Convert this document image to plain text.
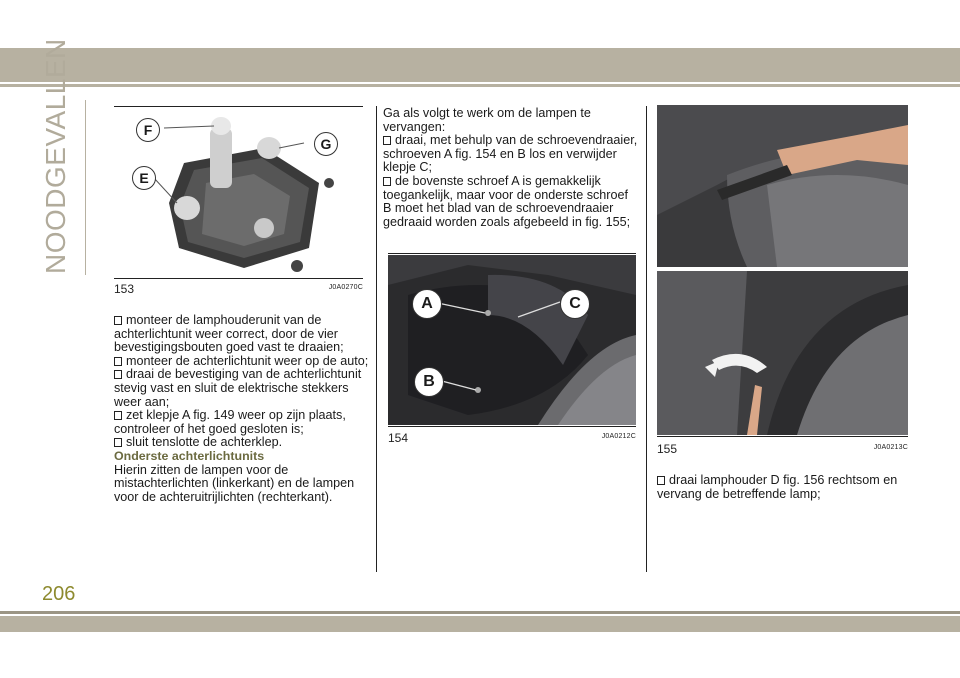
NOODGEVALLEN	F
G
E
153	J0A0270C

monteer de lamphouderunit van de achterlichtunit weer correct, door de vier bevestigingsbouten goed vast te draaien;

monteer de achterlichtunit weer op de auto;

draai de bevestiging van de achterlichtunit stevig vast en sluit de elektrische stekkers weer aan;

zet klepje A fig. 149 weer op zijn plaats, controleer of het goed gesloten is;

sluit tenslotte de achterklep.

Onderste achterlichtunits

Hierin zitten de lampen voor de mistachterlichten (linkerkant) en de lampen voor de achteruitrijlichten (rechterkant).

Ga als volgt te werk om de lampen te vervangen:

draai, met behulp van de schroevendraaier, schroeven A fig. 154 en B los en verwijder klepje C;

de bovenste schroef A is gemakkelijk toegankelijk, maar voor de onderste schroef B moet het blad van de schroevendraaier gedraaid worden zoals afgebeeld in fig. 155;

A	C
B
154	J0A0212C
155	J0A0213C

draai lamphouder D fig. 156 rechtsom en vervang de betreffende lamp;

206
